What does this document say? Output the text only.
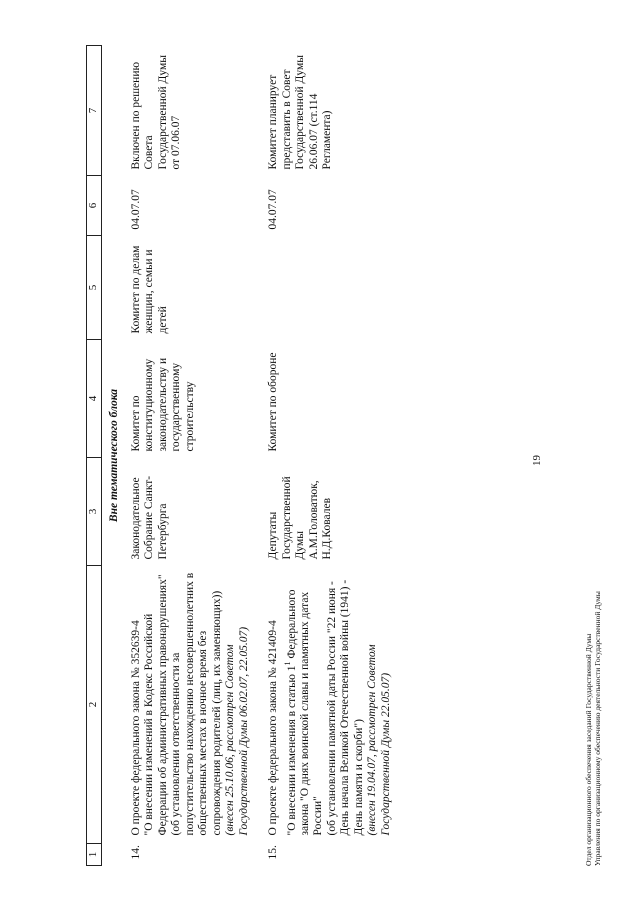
1	2	3	4	5	6	7
Вне тематического блока						

14.
О проекте федерального закона № 352639-4 "О внесении изменений в Кодекс Российской Федерации об административных правонарушениях" (об установлении ответственности за попустительство нахождению несовершеннолетних в общественных местах в ночное время без сопровождения родителей (лиц, их заменяющих)) (внесен 25.10.06, рассмотрен Советом Государственной Думы 06.02.07, 22.05.07)		Законодательное Собрание Санкт-Петербурга	Комитет по конституционному законодательству и государственному строительству	Комитет по делам женщин, семьи и детей	04.07.07	Включен по решению Совета Государственной Думы от 07.06.07

15.
О проекте федерального закона № 421409-4 "О внесении изменения в статью $1^1$ Федерального закона "О днях воинской славы и памятных датах России" (об установлении памятной даты России "22 июня - День начала Великой Отечественной войны (1941) - День памяти и скорби") (внесен 19.04.07, рассмотрен Советом Государственной Думы 22.05.07)		Депутаты Государственной Думы А.М.Головатюк, Н.Д.Ковалев	Комитет по обороне		04.07.07	Комитет планирует представить в Совет Государственной Думы 26.06.07 (ст.114 Регламента)
19
Отдел организационного обеспечения заседаний Государственной Думы Управления по организационному обеспечению деятельности Государственной Думы
